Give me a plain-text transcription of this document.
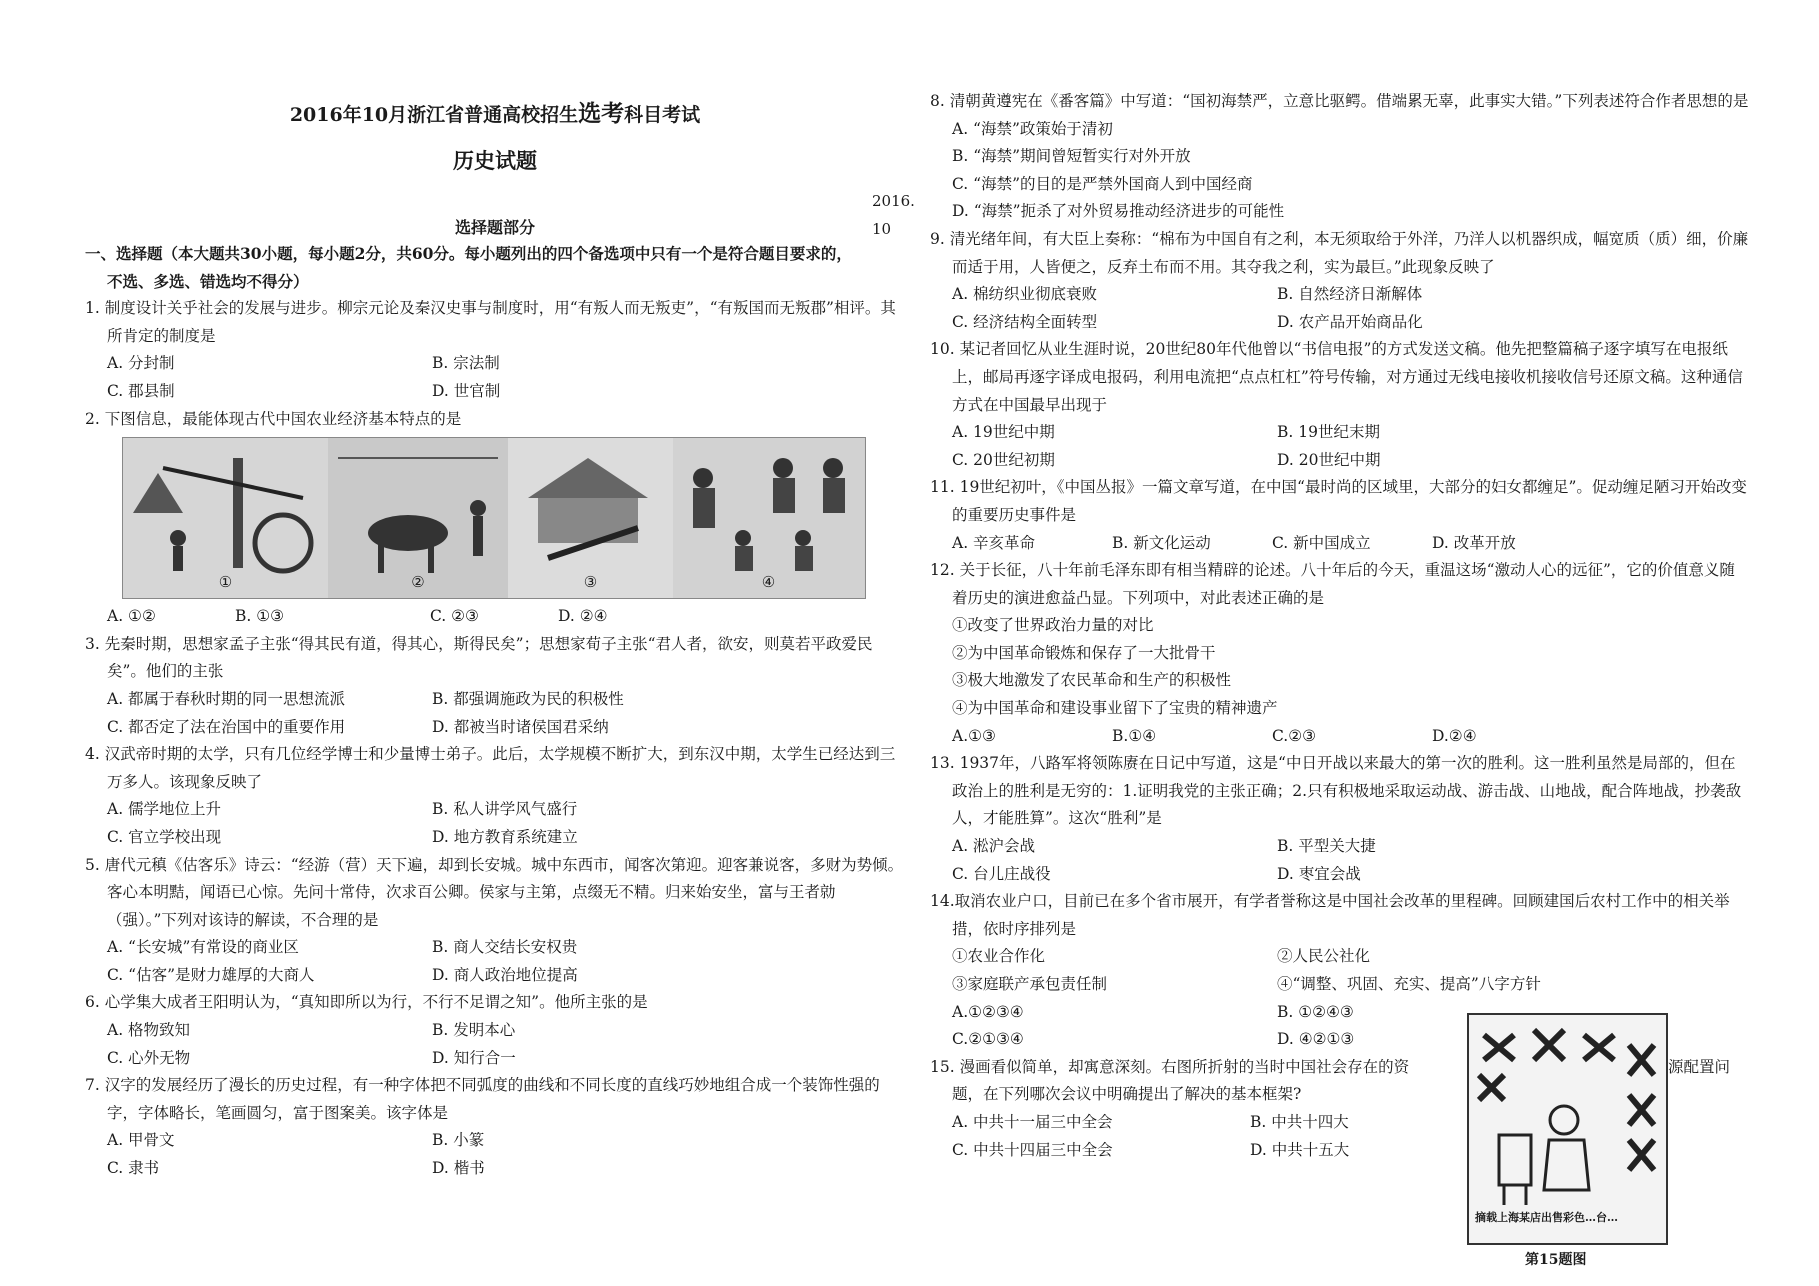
2016年10月浙江省普通高校招生选考科目考试
历史试题
2016. 10
选择题部分

一、选择题（本大题共30小题，每小题2分，共60分。每小题列出的四个备选项中只有一个是符合题目要求的，

不选、多选、错选均不得分）

1. 制度设计关乎社会的发展与进步。柳宗元论及秦汉史事与制度时，用“有叛人而无叛吏”，“有叛国而无叛郡”相评。其所肯定的制度是

A. 分封制	B. 宗法制
C. 郡县制	D. 世官制

2. 下图信息，最能体现古代中国农业经济基本特点的是

①	②	③	④
A. ①②	B. ①③	C. ②③	D. ②④

3. 先秦时期，思想家孟子主张“得其民有道，得其心，斯得民矣”；思想家荀子主张“君人者，欲安，则莫若平政爱民矣”。他们的主张

A. 都属于春秋时期的同一思想流派	B. 都强调施政为民的积极性
C. 都否定了法在治国中的重要作用	D. 都被当时诸侯国君采纳

4. 汉武帝时期的太学，只有几位经学博士和少量博士弟子。此后，太学规模不断扩大，到东汉中期，太学生已经达到三万多人。该现象反映了

A. 儒学地位上升	B. 私人讲学风气盛行
C. 官立学校出现	D. 地方教育系统建立

5. 唐代元稹《估客乐》诗云：“经游（营）天下遍，却到长安城。城中东西市，闻客次第迎。迎客兼说客，多财为势倾。客心本明黠，闻语已心惊。先问十常侍，次求百公卿。侯家与主第，点缀无不精。归来始安坐，富与王者勍（强）。”下列对该诗的解读，不合理的是

A. “长安城”有常设的商业区	B. 商人交结长安权贵
C. “估客”是财力雄厚的大商人	D. 商人政治地位提高

6. 心学集大成者王阳明认为，“真知即所以为行，不行不足谓之知”。他所主张的是

A. 格物致知	B. 发明本心
C. 心外无物	D. 知行合一

7. 汉字的发展经历了漫长的历史过程，有一种字体把不同弧度的曲线和不同长度的直线巧妙地组合成一个装饰性强的字，字体略长，笔画圆匀，富于图案美。该字体是

A. 甲骨文	B. 小篆
C. 隶书	D. 楷书

8. 清朝黄遵宪在《番客篇》中写道：“国初海禁严，立意比驱鳄。借端累无辜，此事实大错。”下列表述符合作者思想的是

A. “海禁”政策始于清初

B. “海禁”期间曾短暂实行对外开放

C. “海禁”的目的是严禁外国商人到中国经商

D. “海禁”扼杀了对外贸易推动经济进步的可能性

9. 清光绪年间，有大臣上奏称：“棉布为中国自有之利，本无须取给于外洋，乃洋人以机器织成，幅宽质（质）细，价廉而适于用，人皆便之，反弃土布而不用。其夺我之利，实为最巨。”此现象反映了

A. 棉纺织业彻底衰败	B. 自然经济日渐解体
C. 经济结构全面转型	D. 农产品开始商品化

10. 某记者回忆从业生涯时说，20世纪80年代他曾以“书信电报”的方式发送文稿。他先把整篇稿子逐字填写在电报纸上，邮局再逐字译成电报码，利用电流把“点点杠杠”符号传输，对方通过无线电接收机接收信号还原文稿。这种通信方式在中国最早出现于

A. 19世纪中期	B. 19世纪末期
C. 20世纪初期	D. 20世纪中期

11. 19世纪初叶，《中国丛报》一篇文章写道，在中国“最时尚的区域里，大部分的妇女都缠足”。促动缠足陋习开始改变的重要历史事件是

A. 辛亥革命	B. 新文化运动	C. 新中国成立	D. 改革开放

12. 关于长征，八十年前毛泽东即有相当精辟的论述。八十年后的今天，重温这场“激动人心的远征”，它的价值意义随着历史的演进愈益凸显。下列项中，对此表述正确的是

①改变了世界政治力量的对比

②为中国革命锻炼和保存了一大批骨干

③极大地激发了农民革命和生产的积极性

④为中国革命和建设事业留下了宝贵的精神遗产

A.①③	B.①④	C.②③	D.②④

13. 1937年，八路军将领陈赓在日记中写道，这是“中日开战以来最大的第一次的胜利。这一胜利虽然是局部的，但在政治上的胜利是无穷的：1.证明我党的主张正确；2.只有积极地采取运动战、游击战、山地战，配合阵地战，抄袭敌人，才能胜算”。这次“胜利”是

A. 淞沪会战	B. 平型关大捷
C. 台儿庄战役	D. 枣宜会战

14.取消农业户口，目前已在多个省市展开，有学者誉称这是中国社会改革的里程碑。回顾建国后农村工作中的相关举措，依时序排列是

①农业合作化	②人民公社化
③家庭联产承包责任制	④“调整、巩固、充实、提高”八字方针
A.①②③④	B. ①②④③
C.②①③④	D. ④②①③
15. 漫画看似简单，却寓意深刻。右图所折射的当时中国社会存在的资	源配置问

题，在下列哪次会议中明确提出了解决的基本框架?

A. 中共十一届三中全会	B. 中共十四大
C. 中共十四届三中全会	D. 中共十五大
摘载上海某店出售彩色…台…
第15题图
